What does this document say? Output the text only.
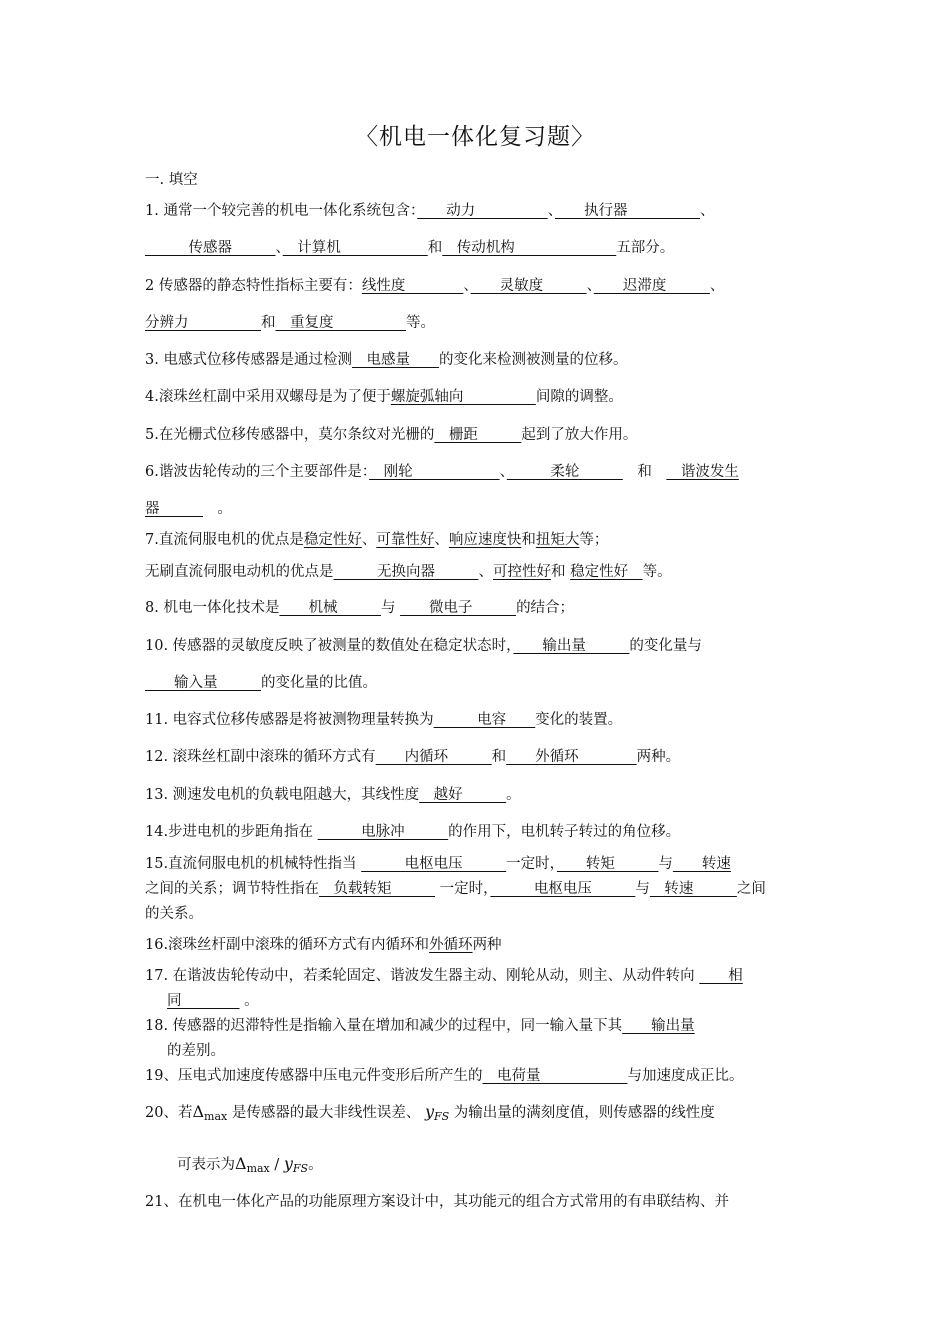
〈机电一体化复习题〉
一. 填空
1. 通常一个较完善的机电一体化系统包含：　　动力　　　　　、　　执行器　　　　　、
　　　传感器　　　、　计算机　　　　　　和　传动机构　　　　　　　五部分。
2 传感器的静态特性指标主要有：线性度　　　　、　　灵敏度　　　、　　迟滞度　　　、
分辨力　　　　　和　重复度　　　　　等。
3. 电感式位移传感器是通过检测　电感量　　的变化来检测被测量的位移。
4.滚珠丝杠副中采用双螺母是为了便于螺旋弧轴向　　　　　间隙的调整。
5.在光栅式位移传感器中，莫尔条纹对光栅的　栅距　　　起到了放大作用。
6.谐波齿轮传动的三个主要部件是：　刚轮　　　　　　、　　　柔轮　　　　和　　谐波发生
器　　　　。
7.直流伺服电机的优点是稳定性好、可靠性好、响应速度快和扭矩大等；
无刷直流伺服电动机的优点是　　　无换向器　　　、可控性好和 稳定性好　等。
8. 机电一体化技术是　　机械　　　与 　　微电子　　　的结合；
10. 传感器的灵敏度反映了被测量的数值处在稳定状态时，　　输出量　　　的变化量与
　　输入量　　　的变化量的比值。
11. 电容式位移传感器是将被测物理量转换为　　　电容　　变化的装置。
12. 滚珠丝杠副中滚珠的循环方式有　　内循环　　　和　　外循环　　　　两种。
13. 测速发电机的负载电阻越大，其线性度　越好　　　。
14.步进电机的步距角指在 　　　电脉冲　　　的作用下，电机转子转过的角位移。
15.直流伺服电机的机械特性指当 　　　电枢电压　　　一定时，　　转矩　　　与　　转速
之间的关系；调节特性指在　负载转矩　　　 一定时，　　　电枢电压　　　与　转速　　　之间
的关系。
16.滚珠丝杆副中滚珠的循环方式有内循环和外循环两种
17. 在谐波齿轮传动中，若柔轮固定、谐波发生器主动、刚轮从动，则主、从动件转向 　　相
同　　　　 。
18. 传感器的迟滞特性是指输入量在增加和减少的过程中，同一输入量下其　　输出量
的差别。
19、压电式加速度传感器中压电元件变形后所产生的　电荷量　　　　　　与加速度成正比。
20、若$\Delta_{max}$ 是传感器的最大非线性误差、 $y_{FS}$ 为输出量的满刻度值，则传感器的线性度
可表示为$\Delta_{max} / y_{FS}$。
21、在机电一体化产品的功能原理方案设计中，其功能元的组合方式常用的有串联结构、并
